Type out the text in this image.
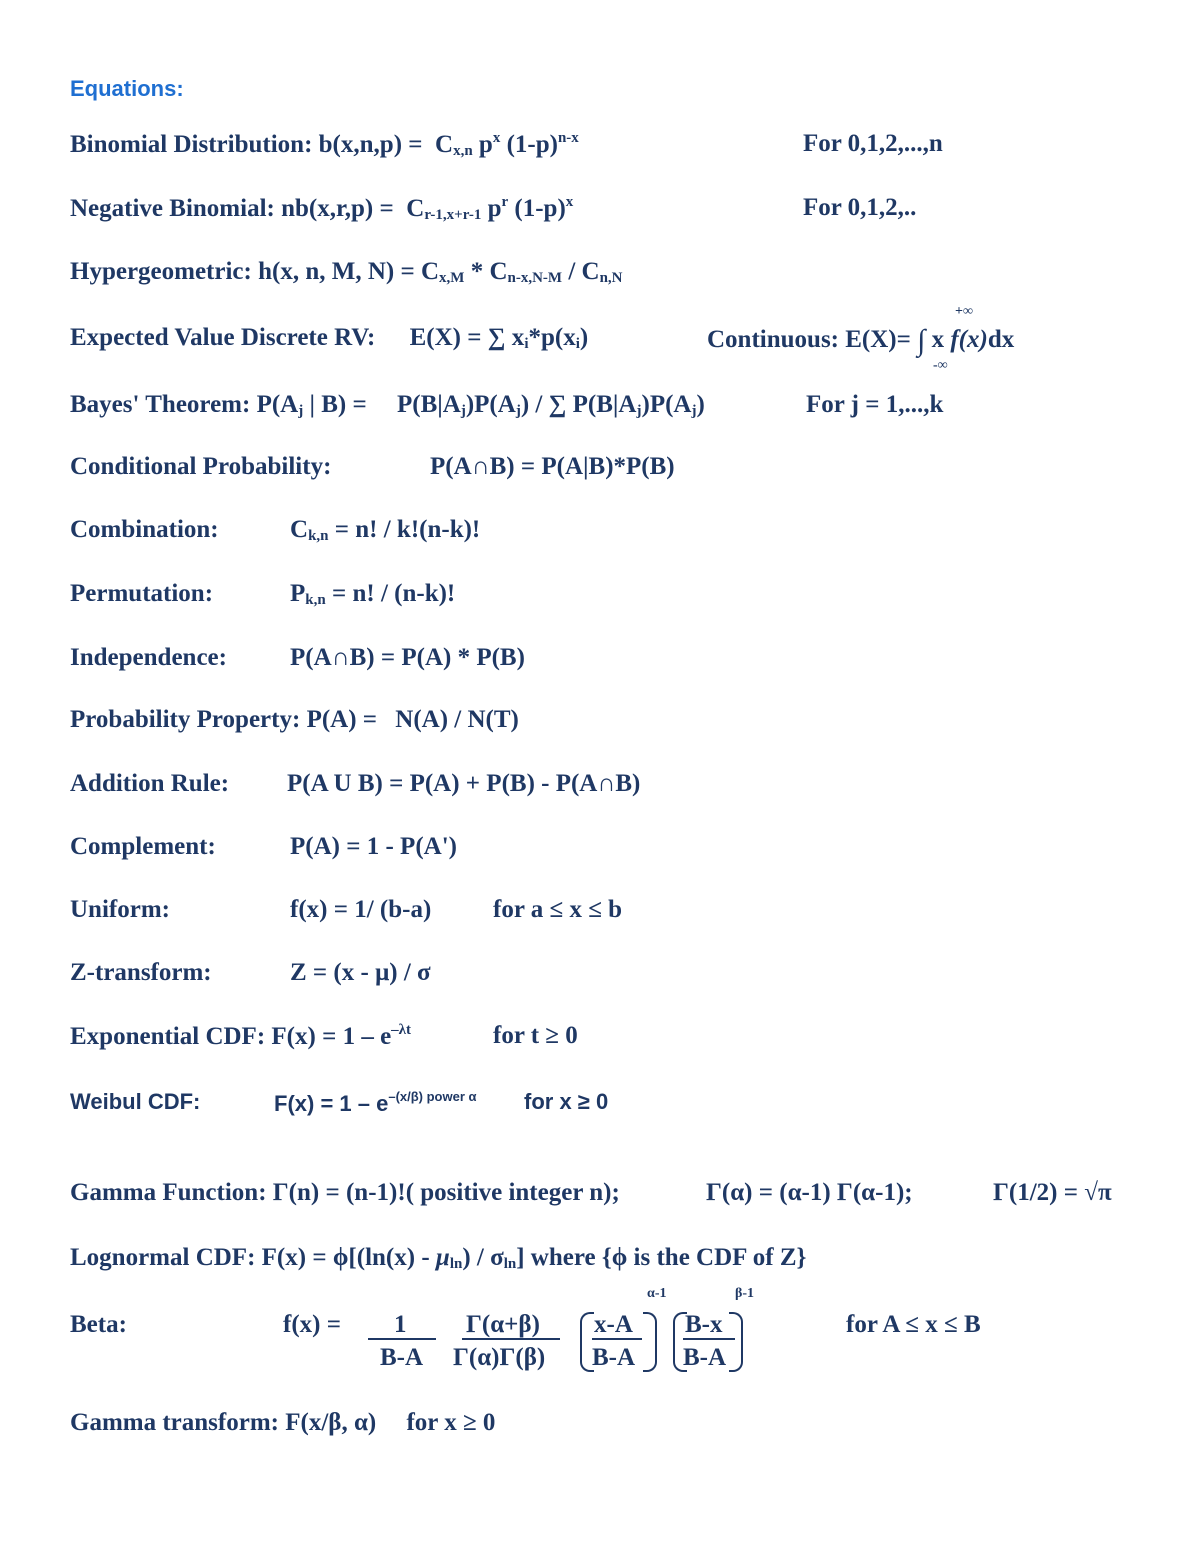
Equations:
Binomial Distribution: $b(x,n,p) = C_{x,n}$ $p^x$ $(1-p)^{n-x}$	For 0,1,2,...,n
Negative Binomial: $nb(x,r,p) = C_{r-1,x+r-1}$ $p^r$ $(1-p)^x$	For 0,1,2,..
Hypergeometric: h(x, n, M, $N) = C_{x,M} * C_{n-x,N-M} / C_{n,N}$
Expected Value Discrete RV: E(X) = ∑ $x_i*p(x_i)$	Continuous: E(X)= ∫ x f(x)dx
+∞
-∞
Bayes' Theorem: $P(A_j$ | $B) = P(B|A_j)P(A_j)$ / ∑ $P(B|A_j)P(A_j)$	For j = 1,...,k
Conditional Probability:	P(A∩B) = P(A|B)*P(B)
Combination:	$C_{k,n} = n$! / k!(n-k)!
Permutation:	$P_{k,n} = n$! / (n-k)!
Independence:	P(A∩B) = P(A) * P(B)
Probability Property: P(A) = N(A) / N(T)
Addition Rule: P(A U B) = P(A) + P(B) - P(A∩B)
Complement:	P(A) = 1 - P(A')
Uniform:	f(x) = 1/ (b-a) for a ≤ x ≤ b
Z-transform:	Z = (x - μ) / σ
Exponential CDF: $F(x) = 1 - e^{-\lambda t}$	for t ≥ 0
Weibul CDF:	$F(x) = 1 - e^{-(x/\beta) power \alpha}$ for x ≥ 0
Gamma Function: Γ(n) = (n-1)!( positive integer n);	Γ(α) = (α-1) Γ(α-1);	Γ(1/2) = √π
Lognormal CDF: $F(x) = \phi[(\ln(x) - \mu_{ln}) / \sigma_{ln}]$ where {ϕ is the CDF of Z}
Beta:	f(x) = 1
B-A
Γ(α+β)
Γ(α)Γ(β)
x-A
B-A
α-1
B-x
B-A
β-1
for A ≤ x ≤ B
Gamma transform: F(x/β, α) for x ≥ 0
